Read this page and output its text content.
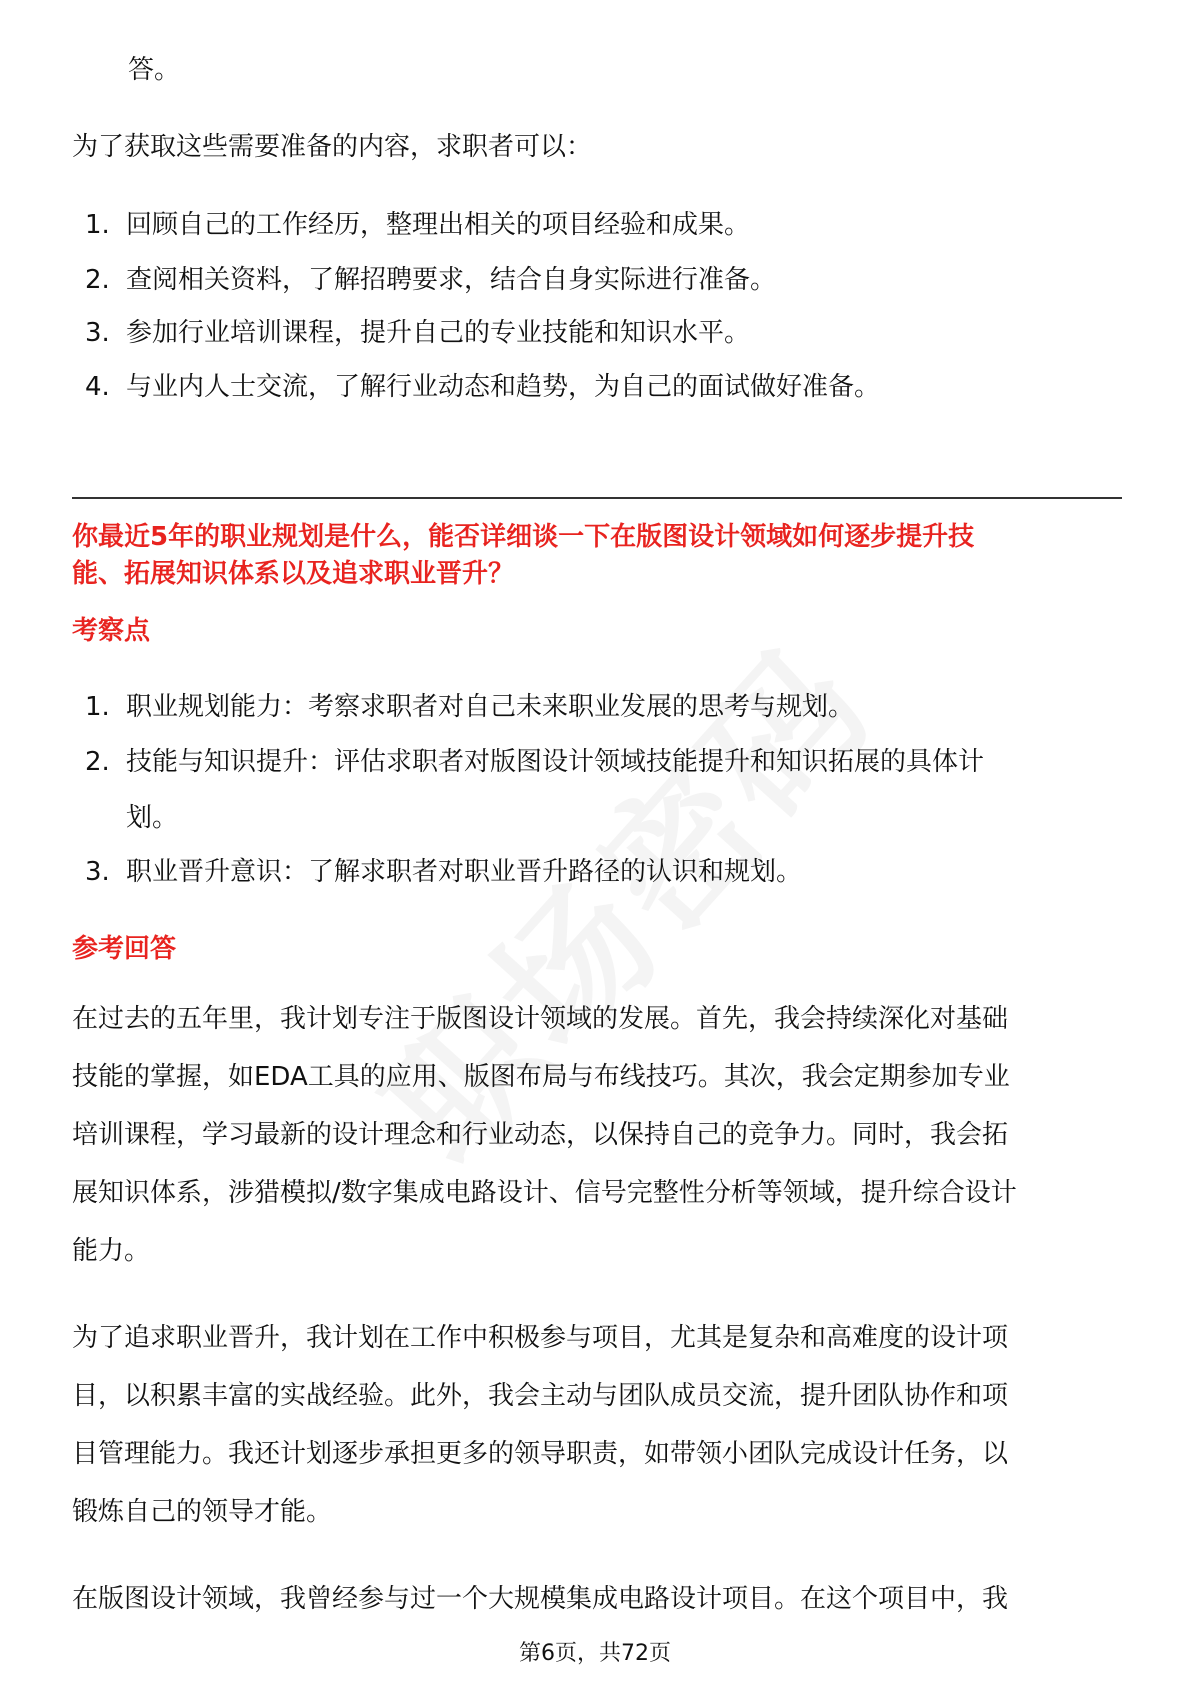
答。
为了获取这些需要准备的内容，求职者可以：
1. 回顾自己的工作经历，整理出相关的项目经验和成果。
2. 查阅相关资料，了解招聘要求，结合自身实际进行准备。
3. 参加行业培训课程，提升自己的专业技能和知识水平。
4. 与业内人士交流，了解行业动态和趋势，为自己的面试做好准备。
你最近5年的职业规划是什么，能否详细谈一下在版图设计领域如何逐步提升技
能、拓展知识体系以及追求职业晋升？
考察点
1. 职业规划能力：考察求职者对自己未来职业发展的思考与规划。
2. 技能与知识提升：评估求职者对版图设计领域技能提升和知识拓展的具体计
划。
3. 职业晋升意识：了解求职者对职业晋升路径的认识和规划。
参考回答
在过去的五年里，我计划专注于版图设计领域的发展。首先，我会持续深化对基础
技能的掌握，如EDA工具的应用、版图布局与布线技巧。其次，我会定期参加专业
培训课程，学习最新的设计理念和行业动态，以保持自己的竞争力。同时，我会拓
展知识体系，涉猎模拟/数字集成电路设计、信号完整性分析等领域，提升综合设计
能力。
为了追求职业晋升，我计划在工作中积极参与项目，尤其是复杂和高难度的设计项
目，以积累丰富的实战经验。此外，我会主动与团队成员交流，提升团队协作和项
目管理能力。我还计划逐步承担更多的领导职责，如带领小团队完成设计任务，以
锻炼自己的领导才能。
在版图设计领域，我曾经参与过一个大规模集成电路设计项目。在这个项目中，我
第6页，共72页
